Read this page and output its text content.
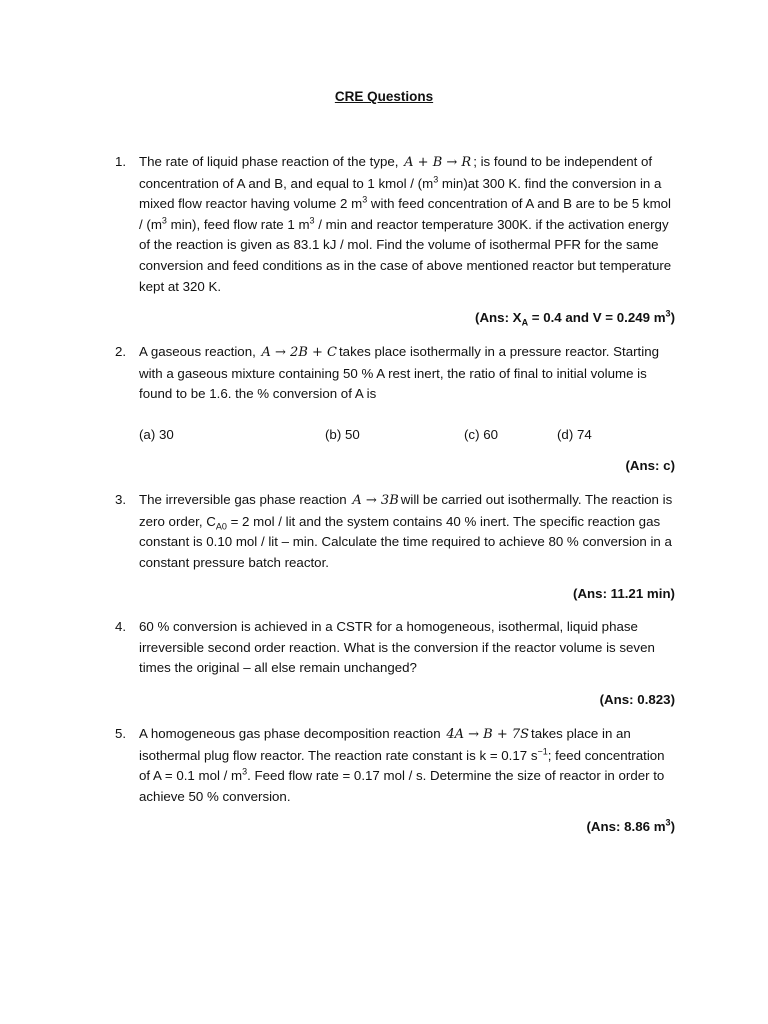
CRE Questions
1. The rate of liquid phase reaction of the type, A + B → R ; is found to be independent of concentration of A and B, and equal to 1 kmol / ($m^3$ min)at 300 K. find the conversion in a mixed flow reactor having volume 2 $m^3$ with feed concentration of A and B are to be 5 kmol / ($m^3$ min), feed flow rate 1 $m^3$ / min and reactor temperature 300K. if the activation energy of the reaction is given as 83.1 kJ / mol. Find the volume of isothermal PFR for the same conversion and feed conditions as in the case of above mentioned reactor but temperature kept at 320 K.
(Ans: $X_A = 0.4$ and V = 0.249 $m^3$)
2. A gaseous reaction, A → 2B + C takes place isothermally in a pressure reactor. Starting with a gaseous mixture containing 50 % A rest inert, the ratio of final to initial volume is found to be 1.6. the % conversion of A is
(a) 30	(b) 50	(c) 60	(d) 74
(Ans: c)
3. The irreversible gas phase reaction A → 3B will be carried out isothermally. The reaction is zero order, $C_{A0} = 2$ mol / lit and the system contains 40 % inert. The specific reaction gas constant is 0.10 mol / lit – min. Calculate the time required to achieve 80 % conversion in a constant pressure batch reactor.
(Ans: 11.21 min)
4. 60 % conversion is achieved in a CSTR for a homogeneous, isothermal, liquid phase irreversible second order reaction. What is the conversion if the reactor volume is seven times the original – all else remain unchanged?
(Ans: 0.823)
5. A homogeneous gas phase decomposition reaction 4A → B + 7S takes place in an isothermal plug flow reactor. The reaction rate constant is k = 0.17 $s^{-1}$; feed concentration of A = 0.1 mol / $m^3$. Feed flow rate = 0.17 mol / s. Determine the size of reactor in order to achieve 50 % conversion.
(Ans: 8.86 $m^3$)
